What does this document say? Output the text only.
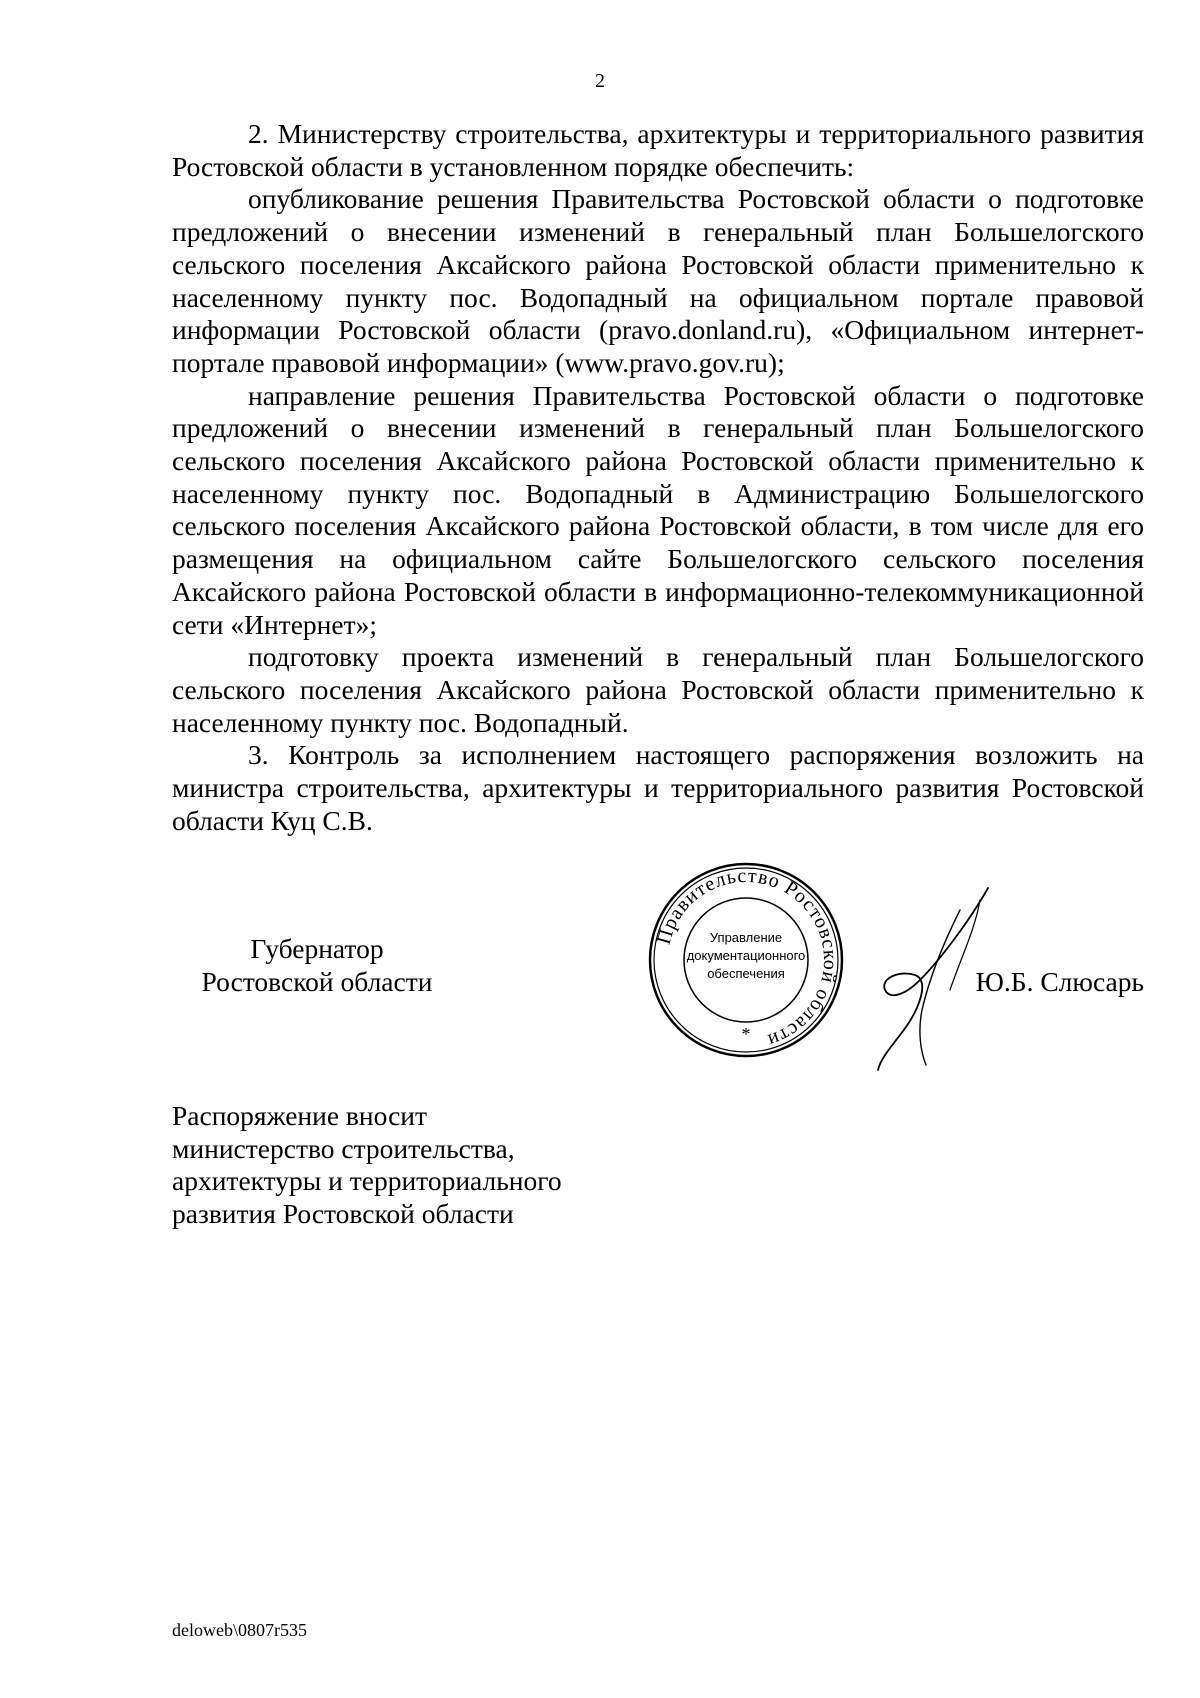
2

2. Министерству строительства, архитектуры и территориального развития Ростовской области в установленном порядке обеспечить:

опубликование решения Правительства Ростовской области о подготовке предложений о внесении изменений в генеральный план Большелогского сельского поселения Аксайского района Ростовской области применительно к населенному пункту пос. Водопадный на официальном портале правовой информации Ростовской области (pravo.donland.ru), «Официальном интернет-портале правовой информации» (www.pravo.gov.ru);

направление решения Правительства Ростовской области о подготовке предложений о внесении изменений в генеральный план Большелогского сельского поселения Аксайского района Ростовской области применительно к населенному пункту пос. Водопадный в Администрацию Большелогского сельского поселения Аксайского района Ростовской области, в том числе для его размещения на официальном сайте Большелогского сельского поселения Аксайского района Ростовской области в информационно-телекоммуникационной сети «Интернет»;

подготовку проекта изменений в генеральный план Большелогского сельского поселения Аксайского района Ростовской области применительно к населенному пункту пос. Водопадный.

3. Контроль за исполнением настоящего распоряжения возложить на министра строительства, архитектуры и территориального развития Ростовской области Куц С.В.

Губернатор
Ростовской области	Ю.Б. Слюсарь
Правительство Ростовской области
Управление
документационного
обеспечения
*
Распоряжение вносит
министерство строительства,
архитектуры и территориального
развития Ростовской области
deloweb\0807r535
